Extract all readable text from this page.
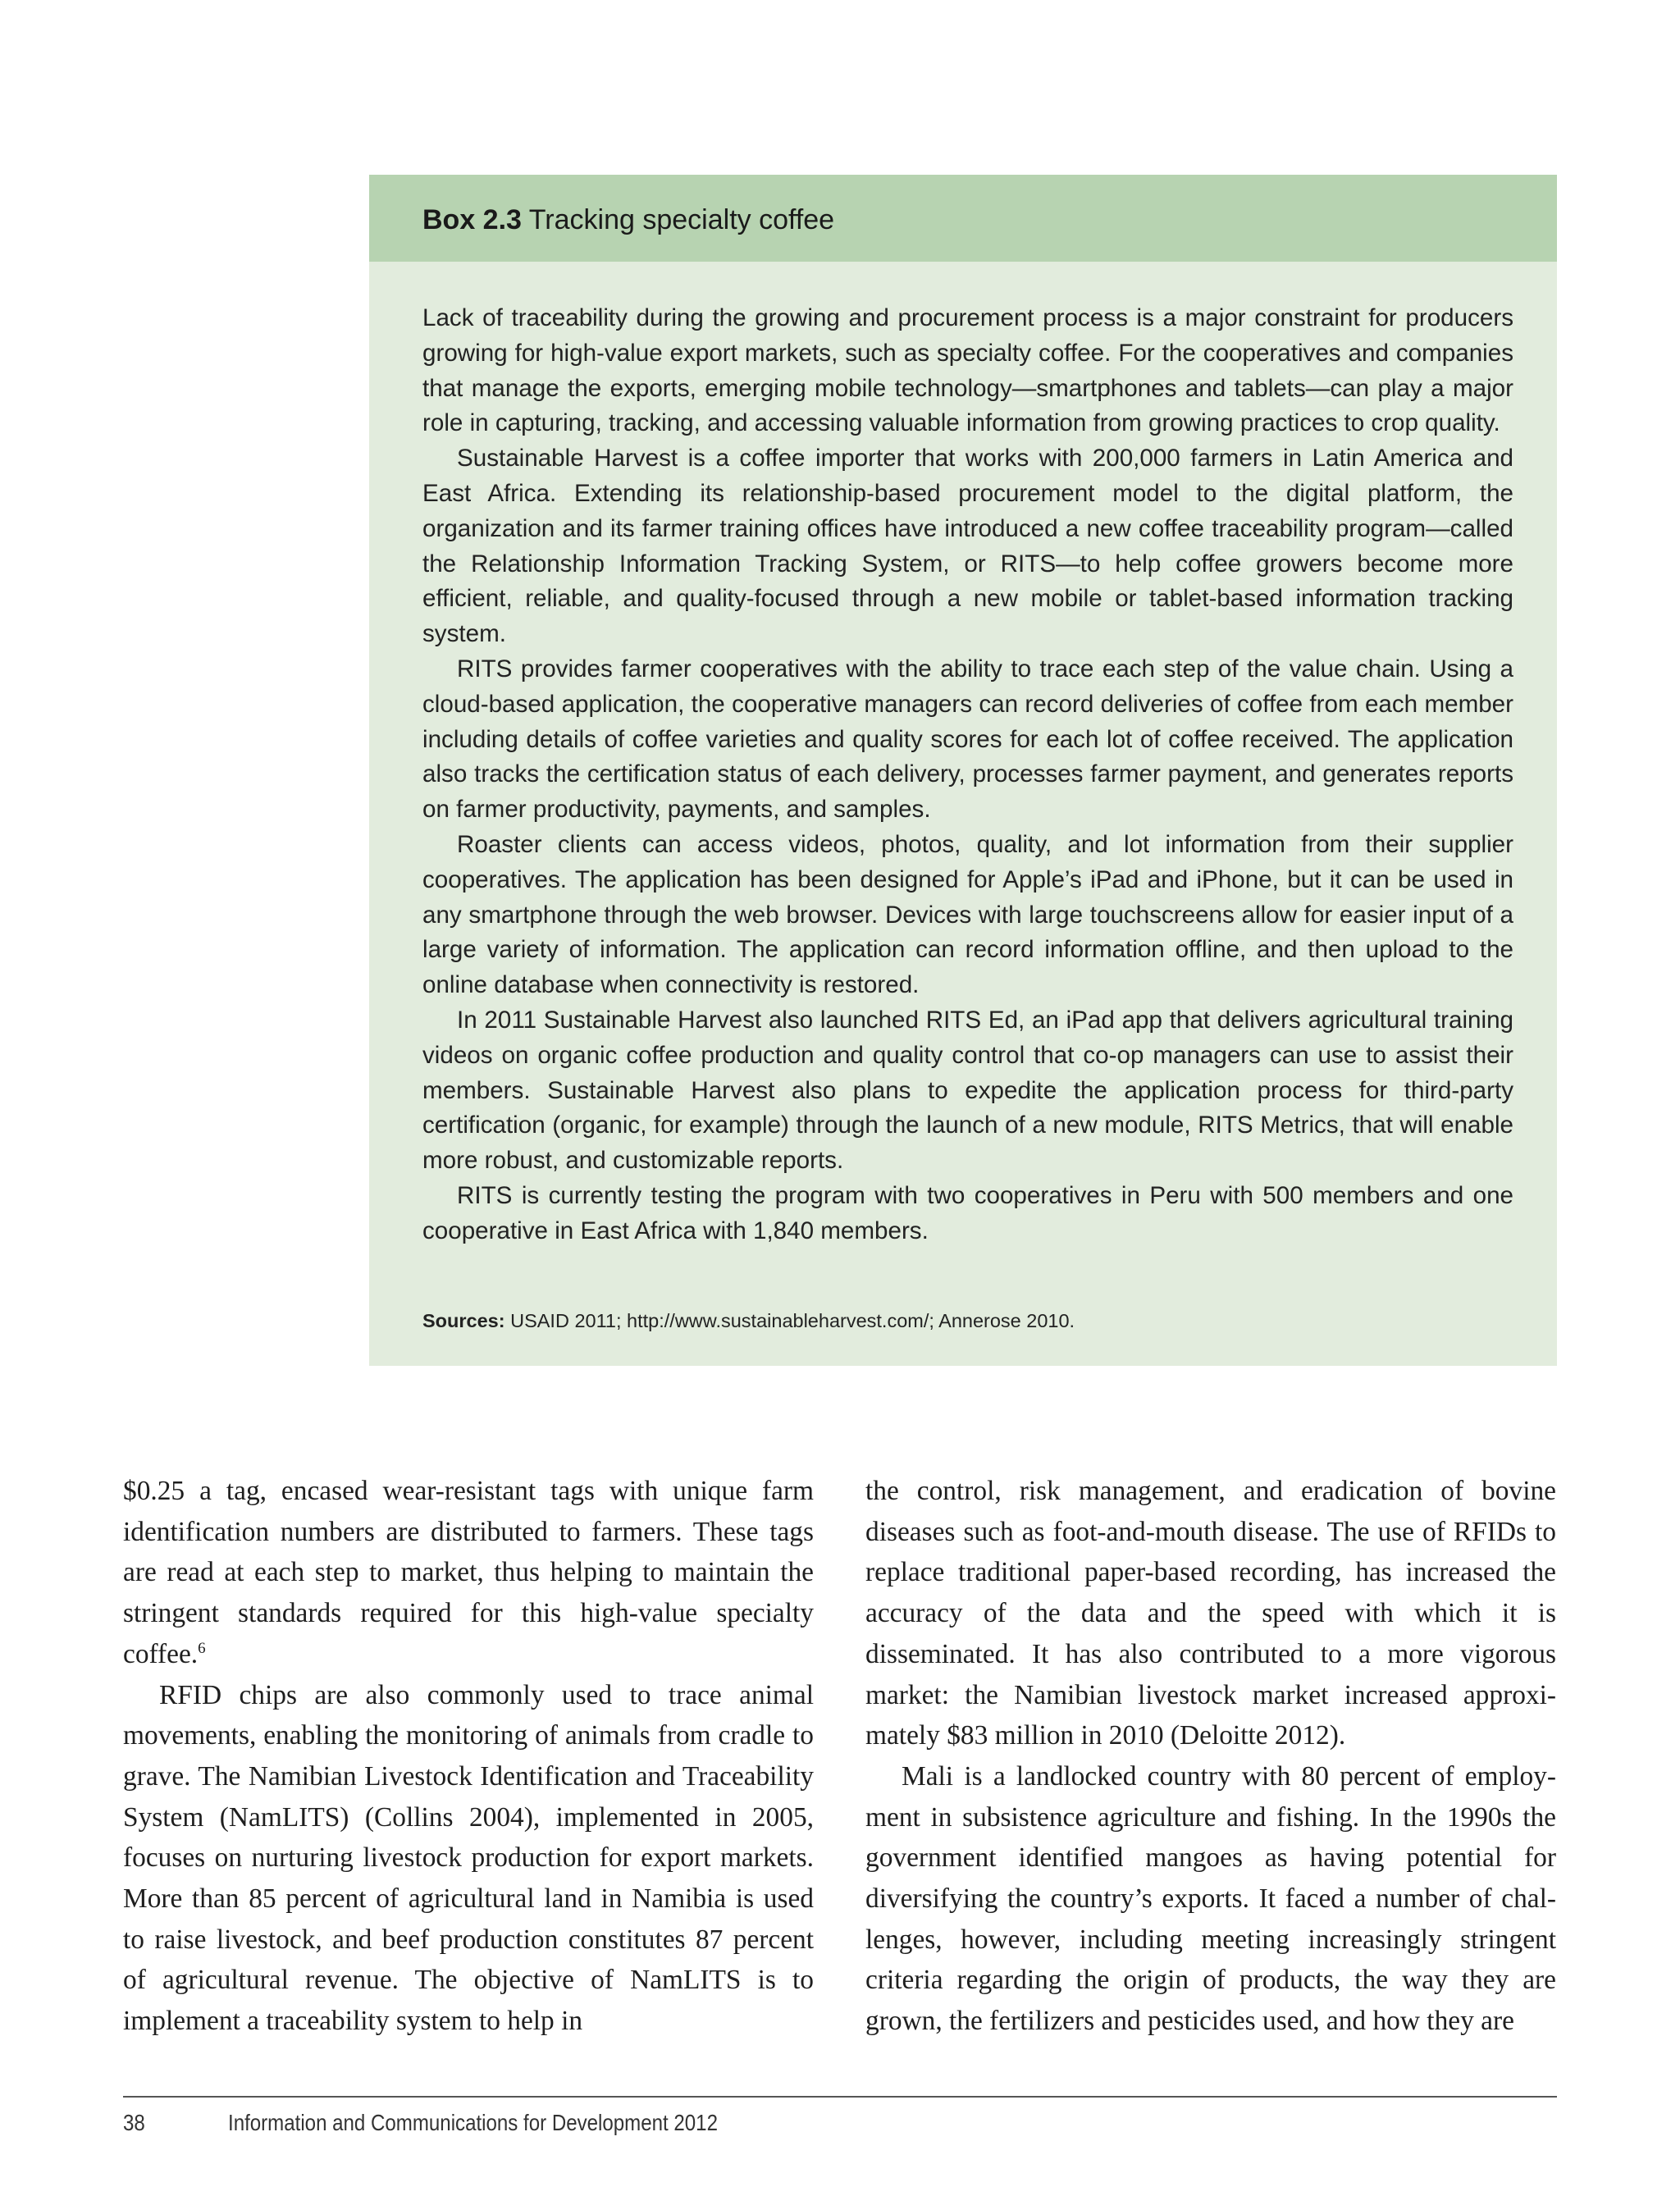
Box 2.3 Tracking specialty coffee

Lack of traceability during the growing and procurement process is a major constraint for producers growing for high-value export markets, such as specialty coffee. For the cooperatives and companies that manage the exports, emerging mobile technology—smartphones and tablets—can play a major role in capturing, tracking, and accessing valuable information from growing practices to crop quality.

Sustainable Harvest is a coffee importer that works with 200,000 farmers in Latin America and East Africa. Extending its relationship-based procurement model to the digital platform, the organization and its farmer training offices have introduced a new coffee traceability program—called the Relationship Information Tracking System, or RITS—to help coffee growers become more efficient, reliable, and quality-focused through a new mobile or tablet-based information tracking system.

RITS provides farmer cooperatives with the ability to trace each step of the value chain. Using a cloud-based application, the cooperative managers can record deliveries of coffee from each member including details of coffee varieties and quality scores for each lot of coffee received. The application also tracks the certification status of each delivery, processes farmer payment, and generates reports on farmer productivity, payments, and samples.

Roaster clients can access videos, photos, quality, and lot information from their supplier cooperatives. The application has been designed for Apple’s iPad and iPhone, but it can be used in any smartphone through the web browser. Devices with large touchscreens allow for easier input of a large variety of information. The application can record information offline, and then upload to the online database when connectivity is restored.

In 2011 Sustainable Harvest also launched RITS Ed, an iPad app that delivers agricultural training videos on organic coffee production and quality control that co-op managers can use to assist their members. Sustainable Harvest also plans to expedite the application process for third-party certification (organic, for example) through the launch of a new module, RITS Metrics, that will enable more robust, and customizable reports.

RITS is currently testing the program with two cooperatives in Peru with 500 members and one cooperative in East Africa with 1,840 members.

Sources: USAID 2011; http://www.sustainableharvest.com/; Annerose 2010.

$0.25 a tag, encased wear-resistant tags with unique farm identification numbers are distributed to farmers. These tags are read at each step to market, thus helping to maintain the stringent standards required for this high-value specialty coffee.$^6$

RFID chips are also commonly used to trace animal movements, enabling the monitoring of animals from cradle to grave. The Namibian Livestock Identification and Traceability System (NamLITS) (Collins 2004), implemented in 2005, focuses on nurturing livestock production for export markets. More than 85 percent of agricultural land in Namibia is used to raise livestock, and beef production constitutes 87 percent of agricultural revenue. The objective of NamLITS is to implement a traceability system to help in

the control, risk management, and eradication of bovine diseases such as foot-and-mouth disease. The use of RFIDs to replace traditional paper-based recording, has increased the accuracy of the data and the speed with which it is disseminated. It has also contributed to a more vigorous market: the Namibian livestock market increased approximately $83 million in 2010 (Deloitte 2012).

Mali is a landlocked country with 80 percent of employment in subsistence agriculture and fishing. In the 1990s the government identified mangoes as having potential for diversifying the country’s exports. It faced a number of challenges, however, including meeting increasingly stringent criteria regarding the origin of products, the way they are grown, the fertilizers and pesticides used, and how they are

38	Information and Communications for Development 2012
